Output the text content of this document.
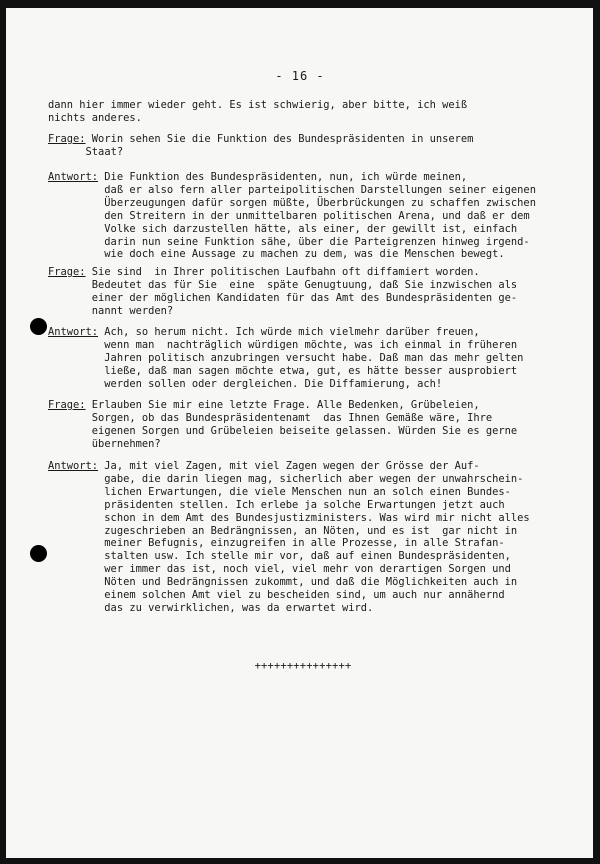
- 16 -
dann hier immer wieder geht. Es ist schwierig, aber bitte, ich weiß
nichts anderes.
Frage: Worin sehen Sie die Funktion des Bundespräsidenten in unserem
Staat?
Antwort: Die Funktion des Bundespräsidenten, nun, ich würde meinen,
daß er also fern aller parteipolitischen Darstellungen seiner eigenen
Überzeugungen dafür sorgen müßte, Überbrückungen zu schaffen zwischen
den Streitern in der unmittelbaren politischen Arena, und daß er dem
Volke sich darzustellen hätte, als einer, der gewillt ist, einfach
darin nun seine Funktion sähe, über die Parteigrenzen hinweg irgend-
wie doch eine Aussage zu machen zu dem, was die Menschen bewegt.
Frage: Sie sind  in Ihrer politischen Laufbahn oft diffamiert worden.
Bedeutet das für Sie  eine  späte Genugtuung, daß Sie inzwischen als
einer der möglichen Kandidaten für das Amt des Bundespräsidenten ge-
nannt werden?
Antwort: Ach, so herum nicht. Ich würde mich vielmehr darüber freuen,
wenn man  nachträglich würdigen möchte, was ich einmal in früheren
Jahren politisch anzubringen versucht habe. Daß man das mehr gelten
ließe, daß man sagen möchte etwa, gut, es hätte besser ausprobiert
werden sollen oder dergleichen. Die Diffamierung, ach!
Frage: Erlauben Sie mir eine letzte Frage. Alle Bedenken, Grübeleien,
Sorgen, ob das Bundespräsidentenamt  das Ihnen Gemäße wäre, Ihre
eigenen Sorgen und Grübeleien beiseite gelassen. Würden Sie es gerne
übernehmen?
Antwort: Ja, mit viel Zagen, mit viel Zagen wegen der Grösse der Auf-
gabe, die darin liegen mag, sicherlich aber wegen der unwahrschein-
lichen Erwartungen, die viele Menschen nun an solch einen Bundes-
präsidenten stellen. Ich erlebe ja solche Erwartungen jetzt auch
schon in dem Amt des Bundesjustizministers. Was wird mir nicht alles
zugeschrieben an Bedrängnissen, an Nöten, und es ist  gar nicht in
meiner Befugnis, einzugreifen in alle Prozesse, in alle Strafan-
stalten usw. Ich stelle mir vor, daß auf einen Bundespräsidenten,
wer immer das ist, noch viel, viel mehr von derartigen Sorgen und
Nöten und Bedrängnissen zukommt, und daß die Möglichkeiten auch in
einem solchen Amt viel zu bescheiden sind, um auch nur annähernd
das zu verwirklichen, was da erwartet wird.
+++++++++++++++
